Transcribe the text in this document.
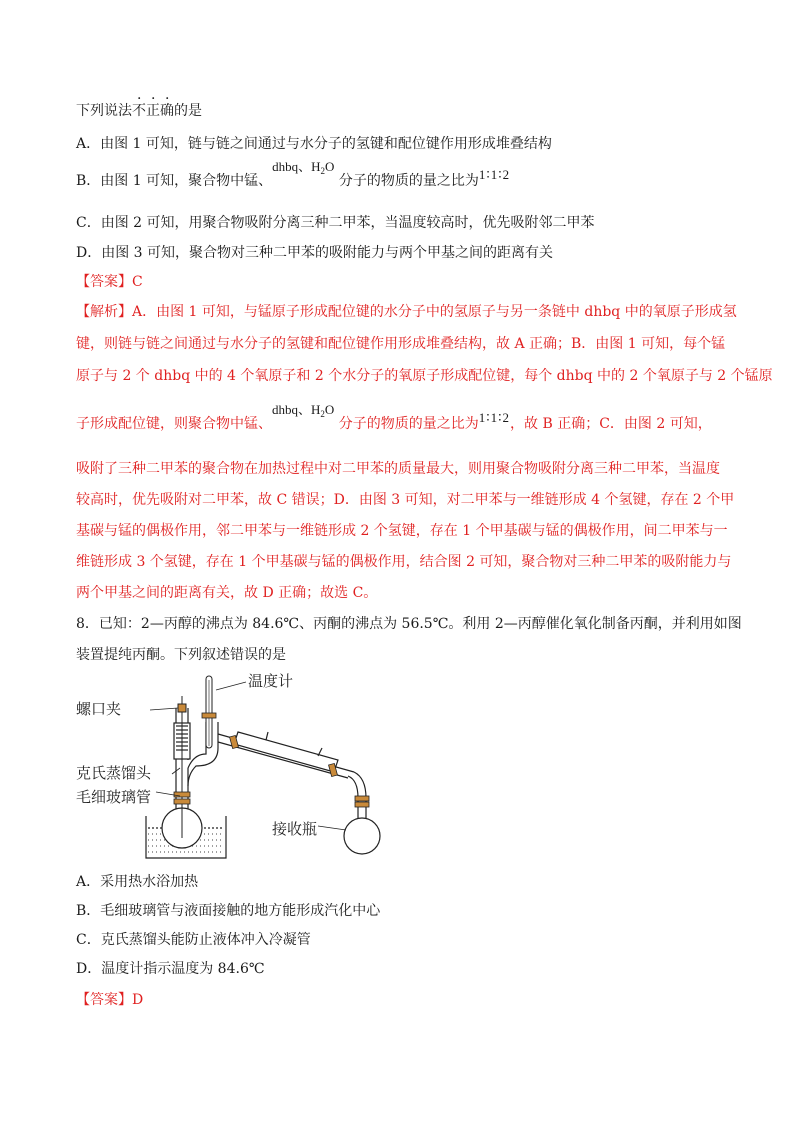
下列说法不正确的是
A．由图 1 可知，链与链之间通过与水分子的氢键和配位键作用形成堆叠结构
B．由图 1 可知，聚合物中锰、dhbq、$H_2O$ 分子的物质的量之比为1∶1∶2
C．由图 2 可知，用聚合物吸附分离三种二甲苯，当温度较高时，优先吸附邻二甲苯
D．由图 3 可知，聚合物对三种二甲苯的吸附能力与两个甲基之间的距离有关
【答案】C
【解析】A．由图 1 可知，与锰原子形成配位键的水分子中的氢原子与另一条链中 dhbq 中的氧原子形成氢
键，则链与链之间通过与水分子的氢键和配位键作用形成堆叠结构，故 A 正确；B．由图 1 可知，每个锰
原子与 2 个 dhbq 中的 4 个氧原子和 2 个水分子的氧原子形成配位键，每个 dhbq 中的 2 个氧原子与 2 个锰原
子形成配位键，则聚合物中锰、dhbq、$H_2O$ 分子的物质的量之比为1∶1∶2，故 B 正确；C．由图 2 可知，
吸附了三种二甲苯的聚合物在加热过程中对二甲苯的质量最大，则用聚合物吸附分离三种二甲苯，当温度
较高时，优先吸附对二甲苯，故 C 错误；D．由图 3 可知，对二甲苯与一维链形成 4 个氢键，存在 2 个甲
基碳与锰的偶极作用，邻二甲苯与一维链形成 2 个氢键，存在 1 个甲基碳与锰的偶极作用，间二甲苯与一
维链形成 3 个氢键，存在 1 个甲基碳与锰的偶极作用，结合图 2 可知，聚合物对三种二甲苯的吸附能力与
两个甲基之间的距离有关，故 D 正确；故选 C。
8．已知：2—丙醇的沸点为 84.6℃、丙酮的沸点为 56.5℃。利用 2—丙醇催化氧化制备丙酮，并利用如图
装置提纯丙酮。下列叙述错误的是
温度计
螺口夹
克氏蒸馏头
毛细玻璃管
接收瓶
A．采用热水浴加热
B．毛细玻璃管与液面接触的地方能形成汽化中心
C．克氏蒸馏头能防止液体冲入冷凝管
D．温度计指示温度为 84.6℃
【答案】D
